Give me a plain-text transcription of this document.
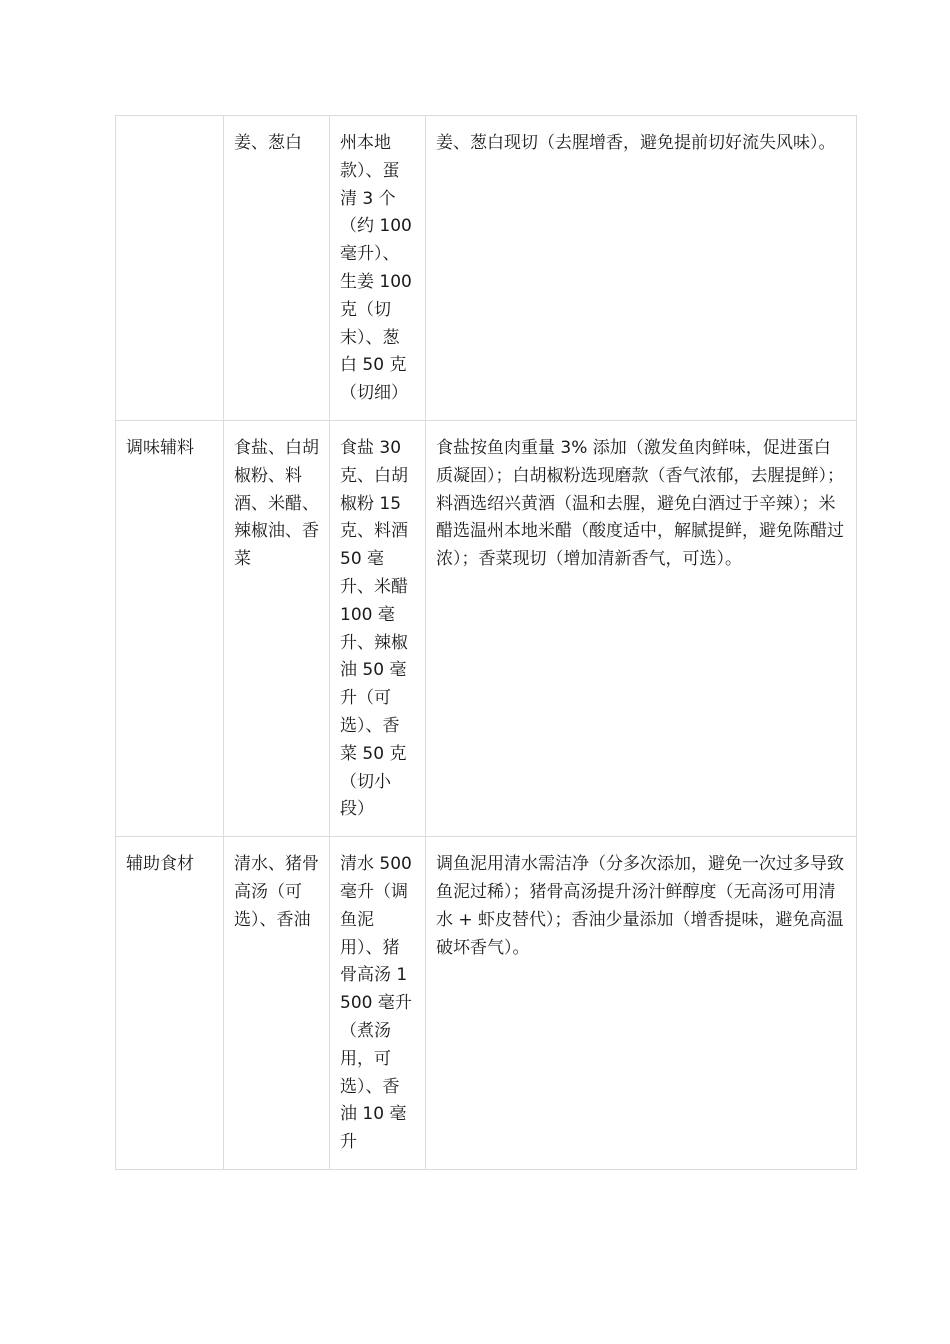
	姜、葱白	州本地款）、蛋清 3 个（约 100 毫升）、生姜 100 克（切末）、葱白 50 克（切细）	姜、葱白现切（去腥增香，避免提前切好流失风味）。
调味辅料	食盐、白胡椒粉、料酒、米醋、辣椒油、香菜	食盐 30 克、白胡椒粉 15 克、料酒 50 毫升、米醋 100 毫升、辣椒油 50 毫升（可选）、香菜 50 克（切小段）	食盐按鱼肉重量 3% 添加（激发鱼肉鲜味，促进蛋白质凝固）；白胡椒粉选现磨款（香气浓郁，去腥提鲜）；料酒选绍兴黄酒（温和去腥，避免白酒过于辛辣）；米醋选温州本地米醋（酸度适中，解腻提鲜，避免陈醋过浓）；香菜现切（增加清新香气，可选）。
辅助食材	清水、猪骨高汤（可选）、香油	清水 500 毫升（调鱼泥用）、猪骨高汤 1500 毫升（煮汤用，可选）、香油 10 毫升	调鱼泥用清水需洁净（分多次添加，避免一次过多导致鱼泥过稀）；猪骨高汤提升汤汁鲜醇度（无高汤可用清水 + 虾皮替代）；香油少量添加（增香提味，避免高温破坏香气）。
